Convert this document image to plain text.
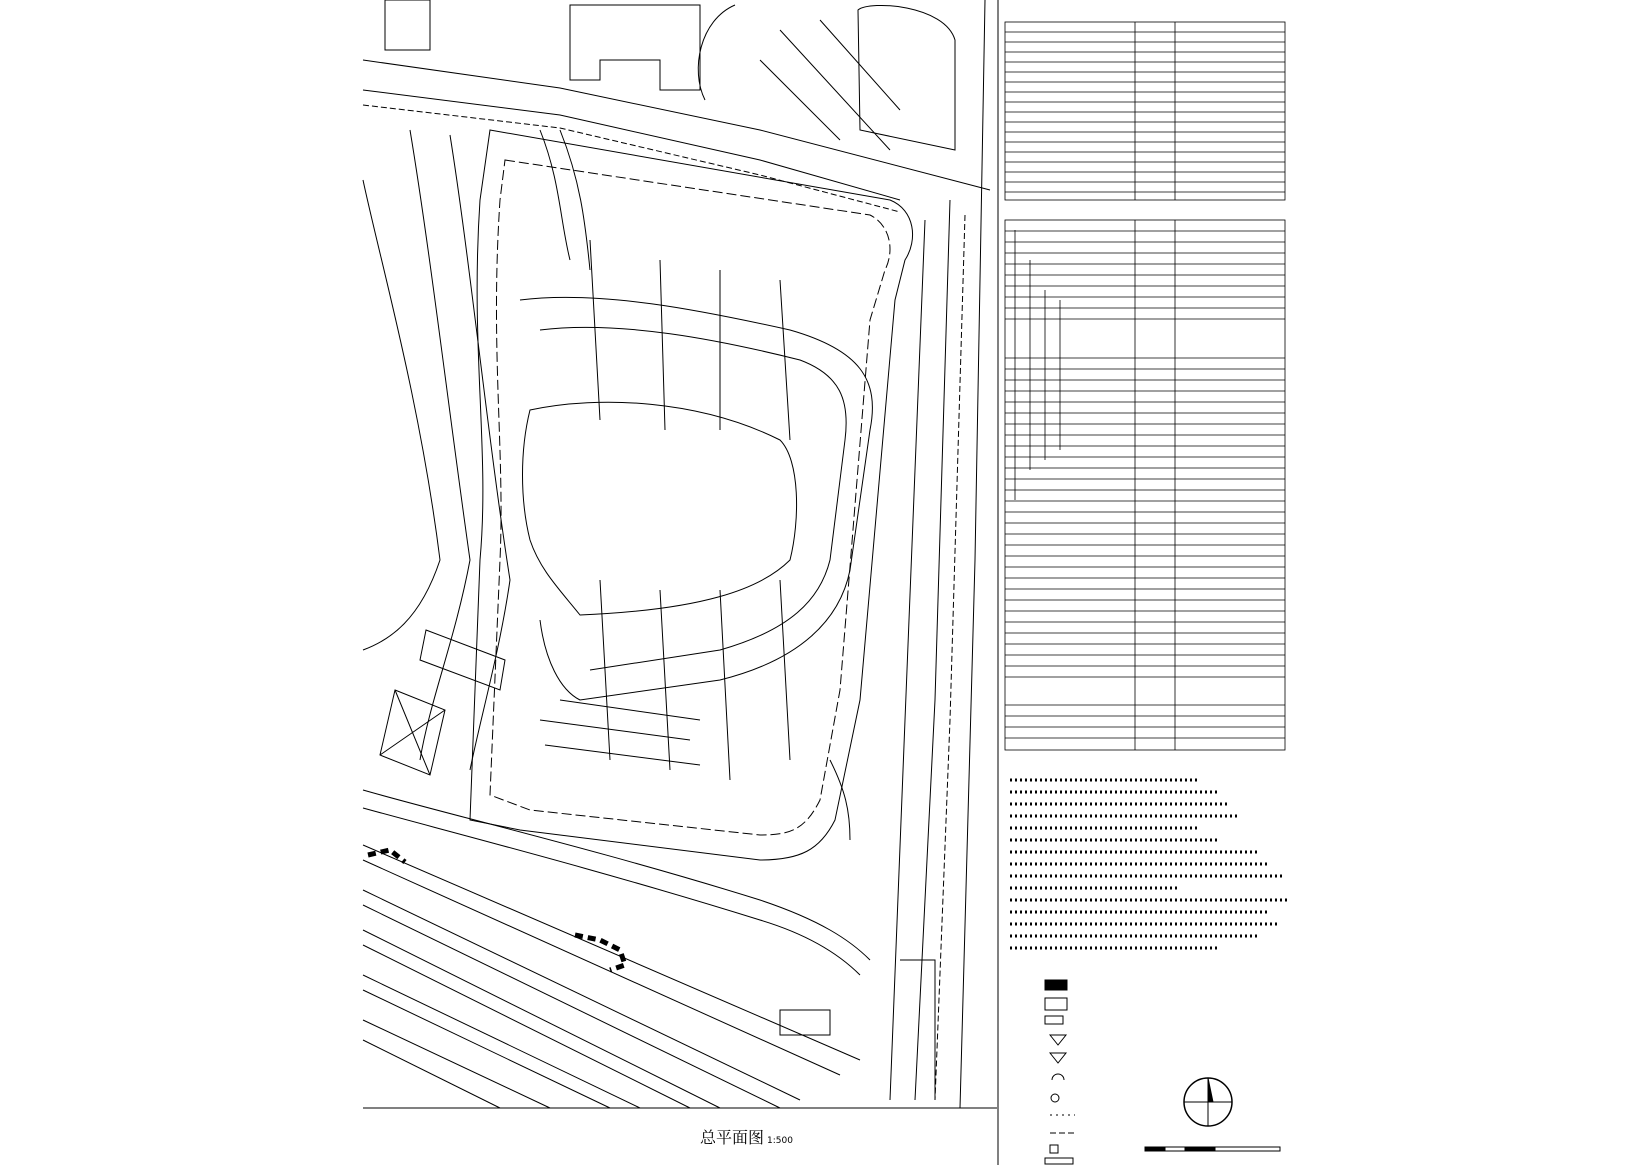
总平面图 1:500
